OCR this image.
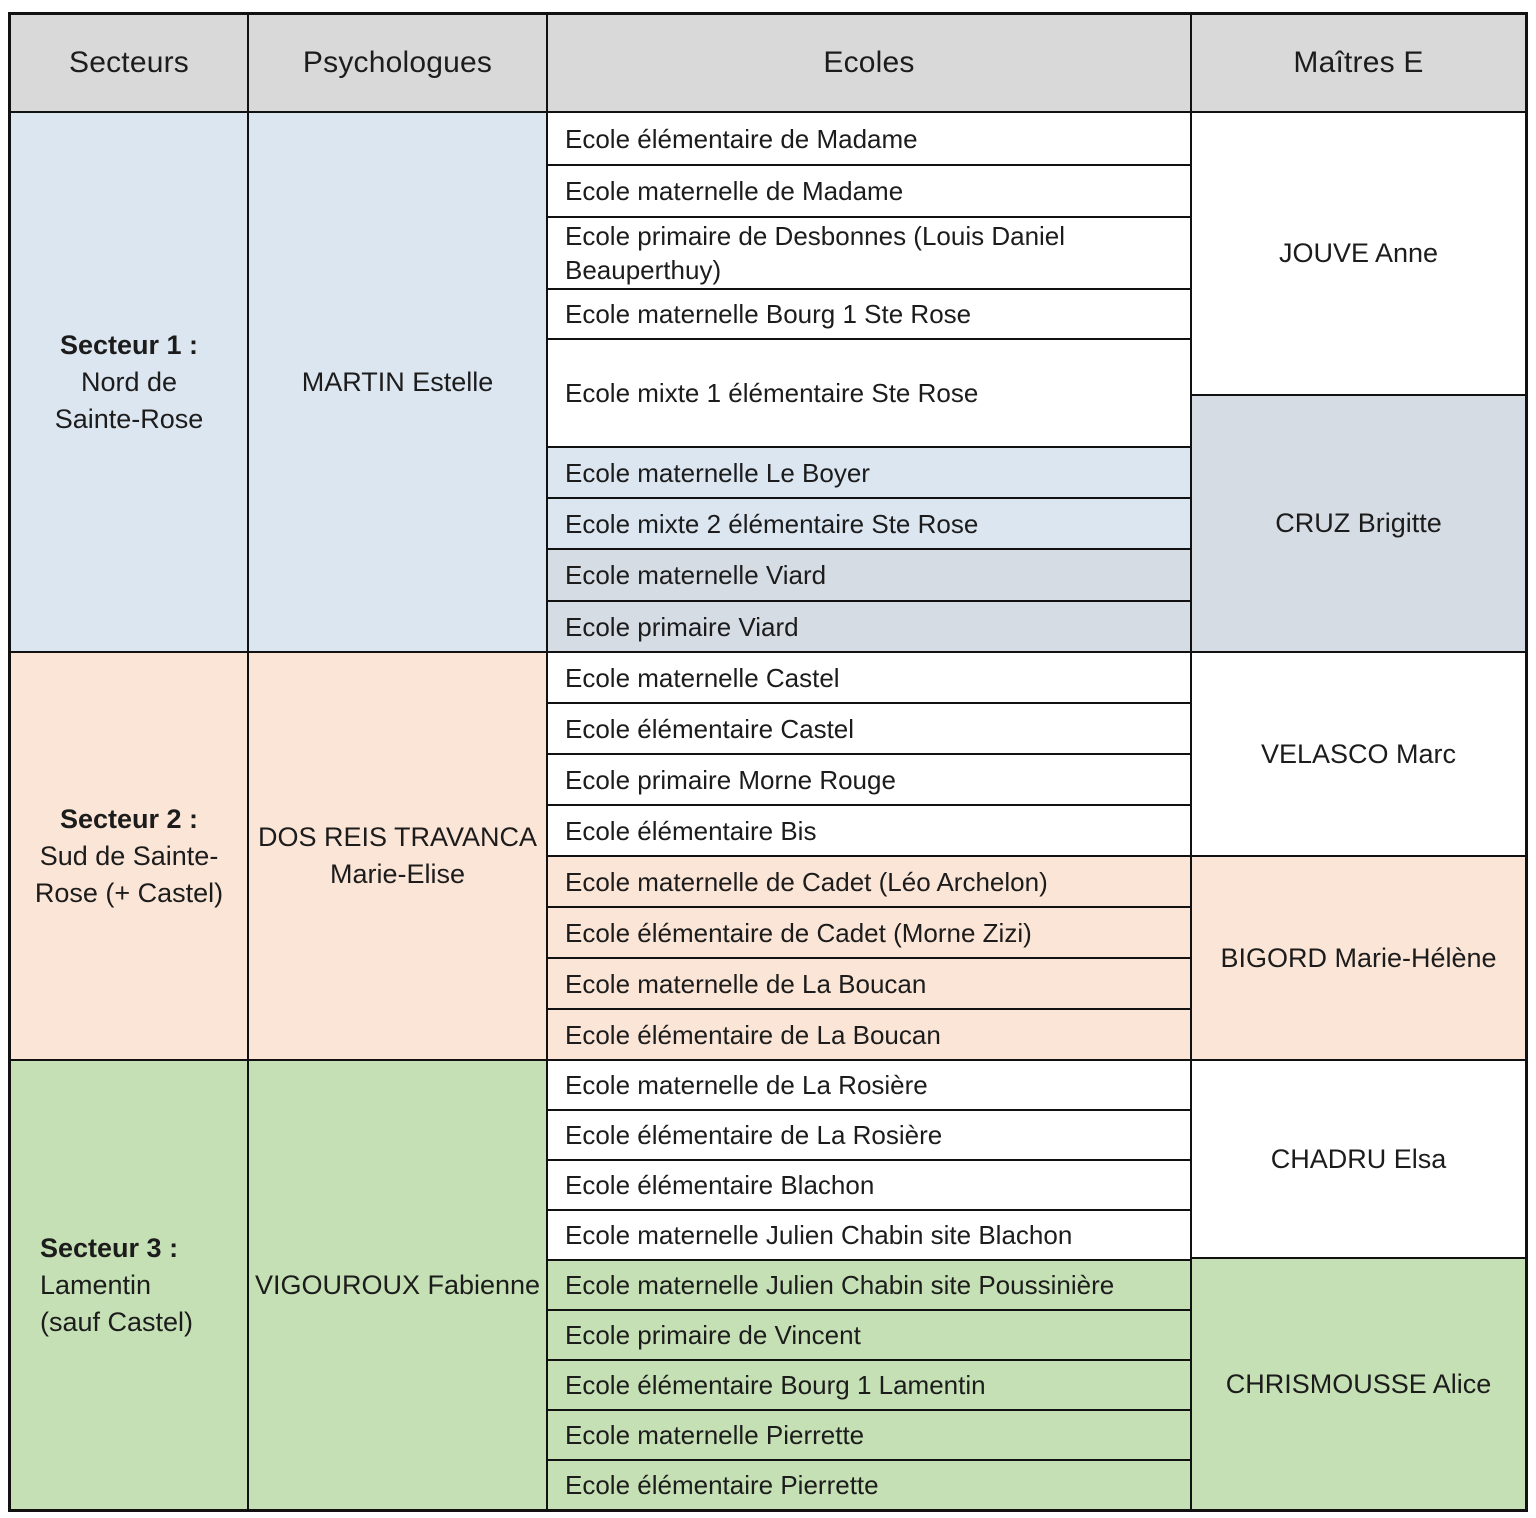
Secteurs
Secteur 1 :
Nord de
Sainte-Rose
Secteur 2 :
Sud de Sainte-
Rose (+ Castel)
Secteur 3 :
Lamentin
(sauf Castel)
Psychologues
MARTIN Estelle
DOS REIS TRAVANCA
Marie-Elise
VIGOUROUX Fabienne
Ecoles
Ecole élémentaire de Madame
Ecole maternelle de Madame
Ecole primaire de Desbonnes (Louis Daniel Beauperthuy)
Ecole maternelle Bourg 1 Ste Rose
Ecole mixte 1 élémentaire Ste Rose
Ecole maternelle Le Boyer
Ecole mixte 2 élémentaire Ste Rose
Ecole maternelle Viard
Ecole primaire Viard
Ecole maternelle Castel
Ecole élémentaire Castel
Ecole primaire Morne Rouge
Ecole élémentaire Bis
Ecole maternelle de Cadet (Léo Archelon)
Ecole élémentaire de Cadet (Morne Zizi)
Ecole maternelle de La Boucan
Ecole élémentaire de La Boucan
Ecole maternelle de La Rosière
Ecole élémentaire de La Rosière
Ecole élémentaire Blachon
Ecole maternelle Julien Chabin site Blachon
Ecole maternelle Julien Chabin site Poussinière
Ecole primaire de Vincent
Ecole élémentaire Bourg 1 Lamentin
Ecole maternelle Pierrette
Ecole élémentaire Pierrette
Maîtres E
JOUVE Anne
CRUZ Brigitte
VELASCO Marc
BIGORD Marie-Hélène
CHADRU Elsa
CHRISMOUSSE Alice
